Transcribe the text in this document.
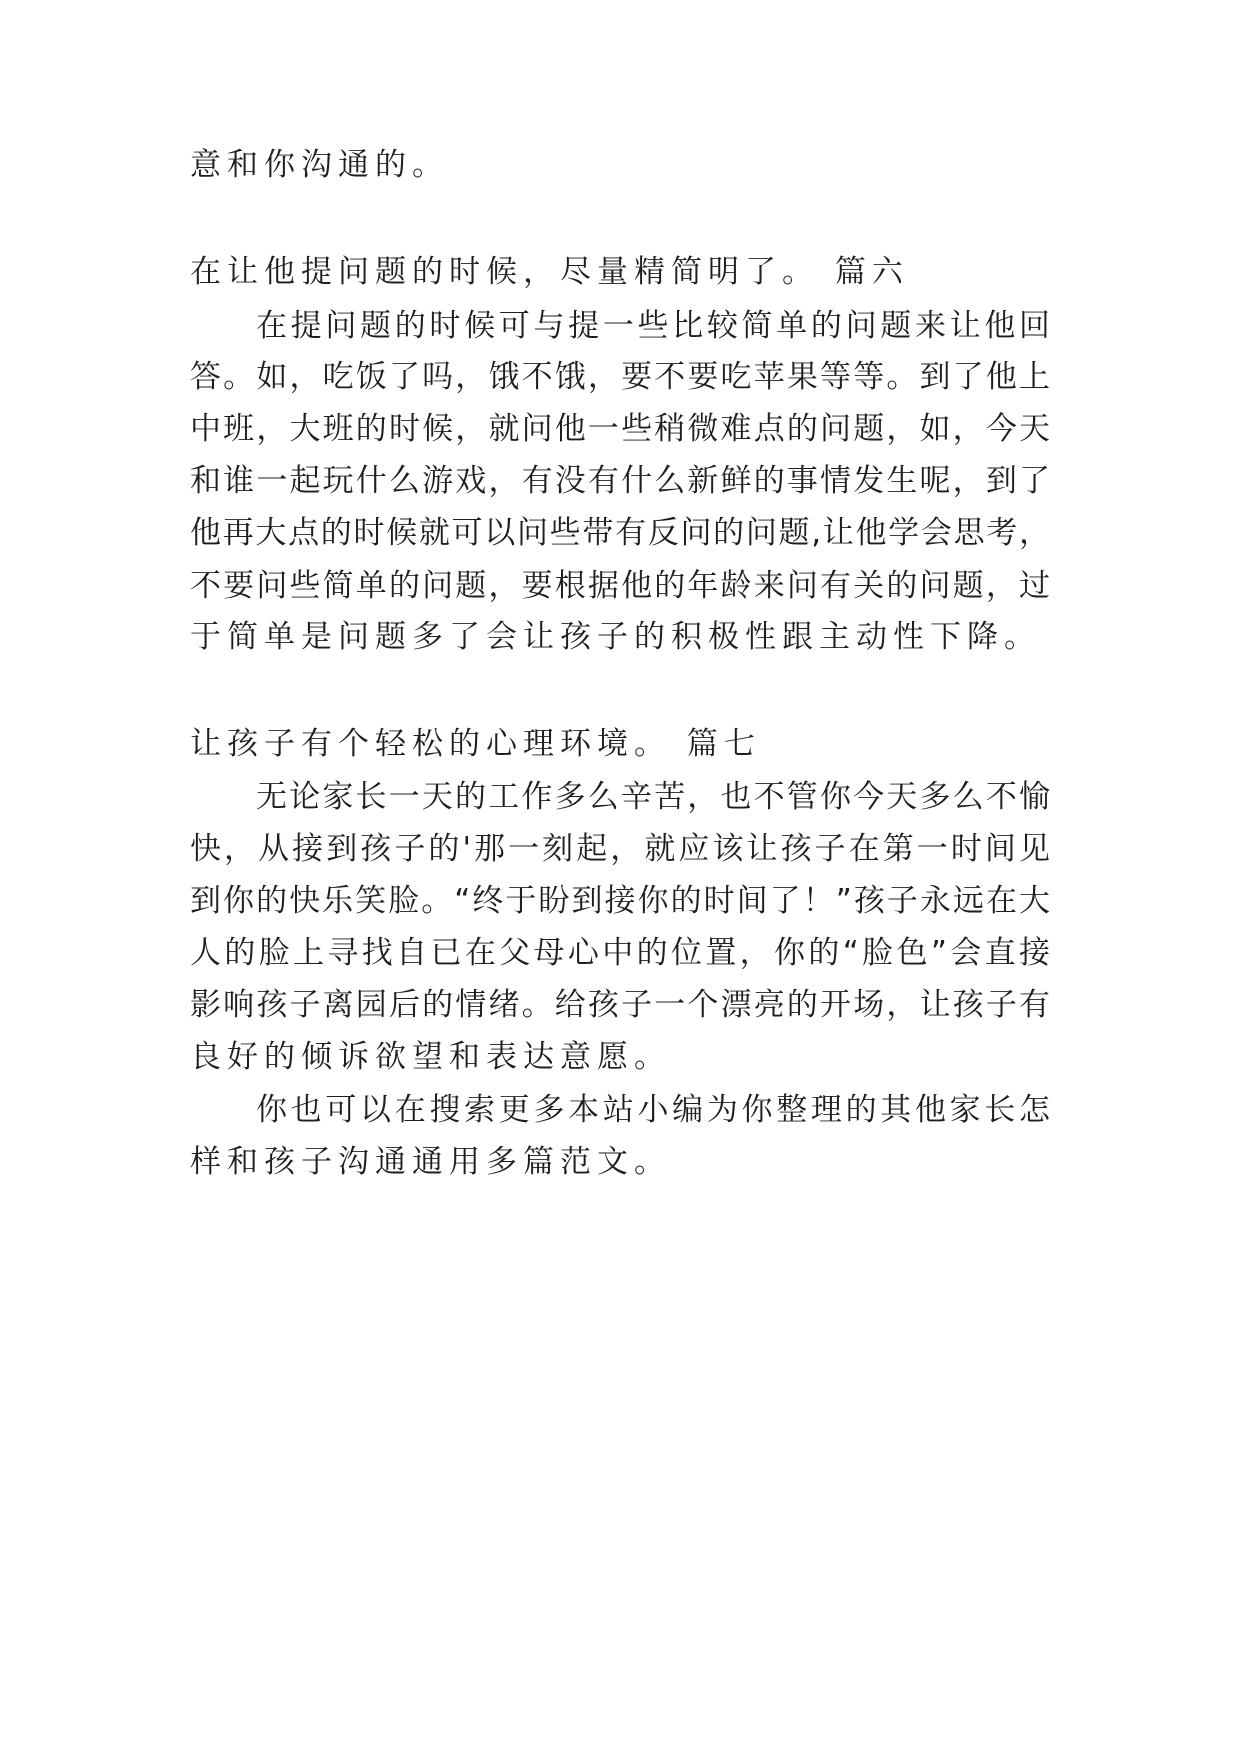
意和你沟通的。

在让他提问题的时候，尽量精简明了。 篇六

在提问题的时候可与提一些比较简单的问题来让他回

答。如，吃饭了吗，饿不饿，要不要吃苹果等等。到了他上

中班，大班的时候，就问他一些稍微难点的问题，如，今天

和谁一起玩什么游戏，有没有什么新鲜的事情发生呢，到了

他再大点的时候就可以问些带有反问的问题,让他学会思考，

不要问些简单的问题，要根据他的年龄来问有关的问题，过

于简单是问题多了会让孩子的积极性跟主动性下降。

让孩子有个轻松的心理环境。 篇七

无论家长一天的工作多么辛苦，也不管你今天多么不愉

快，从接到孩子的'那一刻起，就应该让孩子在第一时间见

到你的快乐笑脸。“终于盼到接你的时间了！”孩子永远在大

人的脸上寻找自已在父母心中的位置，你的“脸色”会直接

影响孩子离园后的情绪。给孩子一个漂亮的开场，让孩子有

良好的倾诉欲望和表达意愿。

你也可以在搜索更多本站小编为你整理的其他家长怎

样和孩子沟通通用多篇范文。
